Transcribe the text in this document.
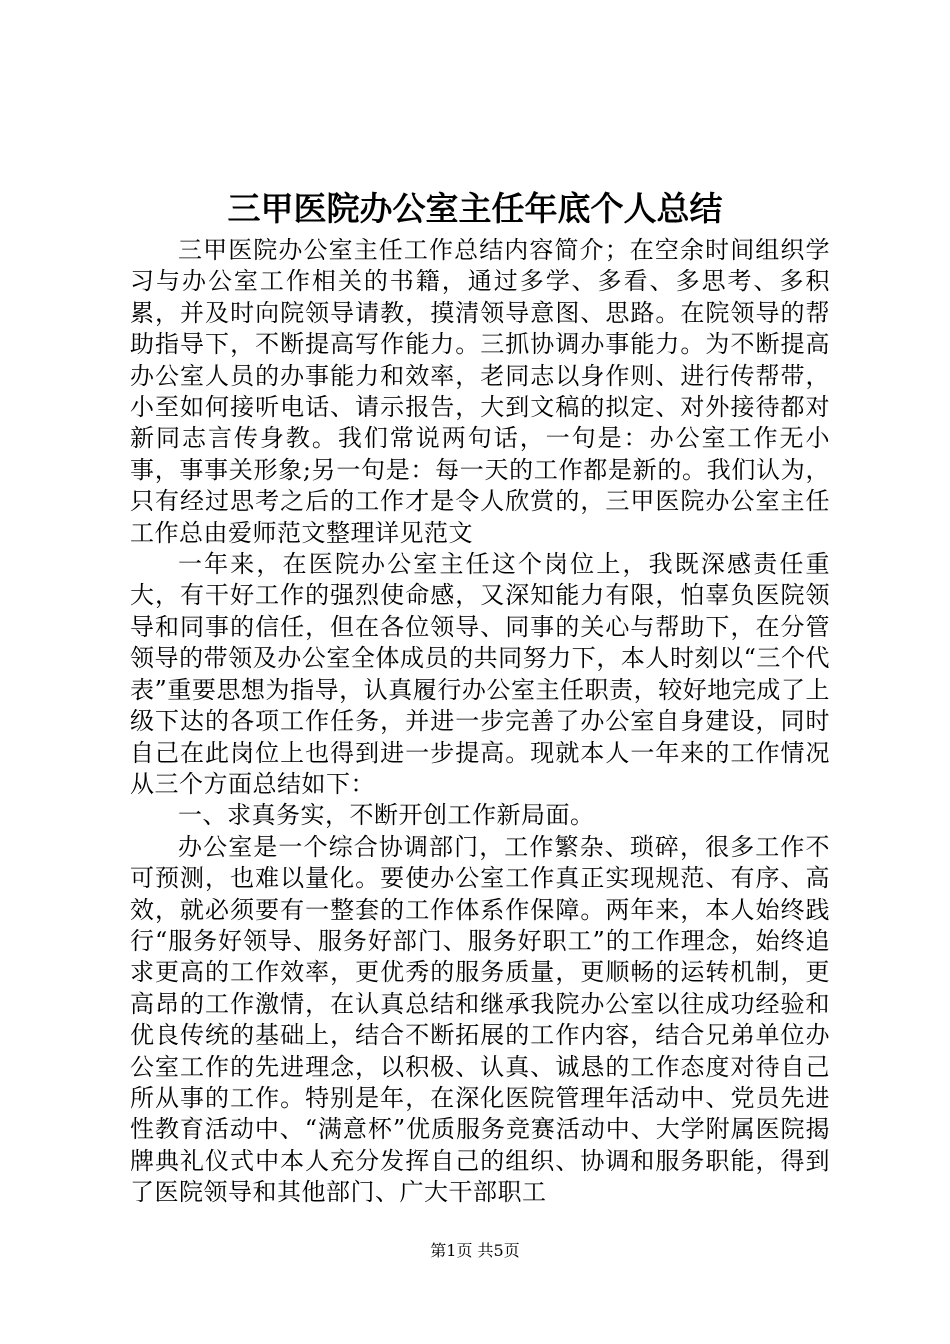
三甲医院办公室主任年底个人总结

三甲医院办公室主任工作总结内容简介；在空余时间组织学习与办公室工作相关的书籍，通过多学、多看、多思考、多积累，并及时向院领导请教，摸清领导意图、思路。在院领导的帮助指导下，不断提高写作能力。三抓协调办事能力。为不断提高办公室人员的办事能力和效率，老同志以身作则、进行传帮带，小至如何接听电话、请示报告，大到文稿的拟定、对外接待都对新同志言传身教。我们常说两句话，一句是：办公室工作无小事，事事关形象;另一句是：每一天的工作都是新的。我们认为，只有经过思考之后的工作才是令人欣赏的，三甲医院办公室主任工作总由爱师范文整理详见范文

一年来，在医院办公室主任这个岗位上，我既深感责任重大，有干好工作的强烈使命感，又深知能力有限，怕辜负医院领导和同事的信任，但在各位领导、同事的关心与帮助下，在分管领导的带领及办公室全体成员的共同努力下，本人时刻以“三个代表”重要思想为指导，认真履行办公室主任职责，较好地完成了上级下达的各项工作任务，并进一步完善了办公室自身建设，同时自己在此岗位上也得到进一步提高。现就本人一年来的工作情况从三个方面总结如下：

一、求真务实，不断开创工作新局面。

办公室是一个综合协调部门，工作繁杂、琐碎，很多工作不可预测，也难以量化。要使办公室工作真正实现规范、有序、高效，就必须要有一整套的工作体系作保障。两年来，本人始终践行“服务好领导、服务好部门、服务好职工”的工作理念，始终追求更高的工作效率，更优秀的服务质量，更顺畅的运转机制，更高昂的工作激情，在认真总结和继承我院办公室以往成功经验和优良传统的基础上，结合不断拓展的工作内容，结合兄弟单位办公室工作的先进理念，以积极、认真、诚恳的工作态度对待自己所从事的工作。特别是年，在深化医院管理年活动中、党员先进性教育活动中、“满意杯”优质服务竞赛活动中、大学附属医院揭牌典礼仪式中本人充分发挥自己的组织、协调和服务职能，得到了医院领导和其他部门、广大干部职工

第1页 共5页
